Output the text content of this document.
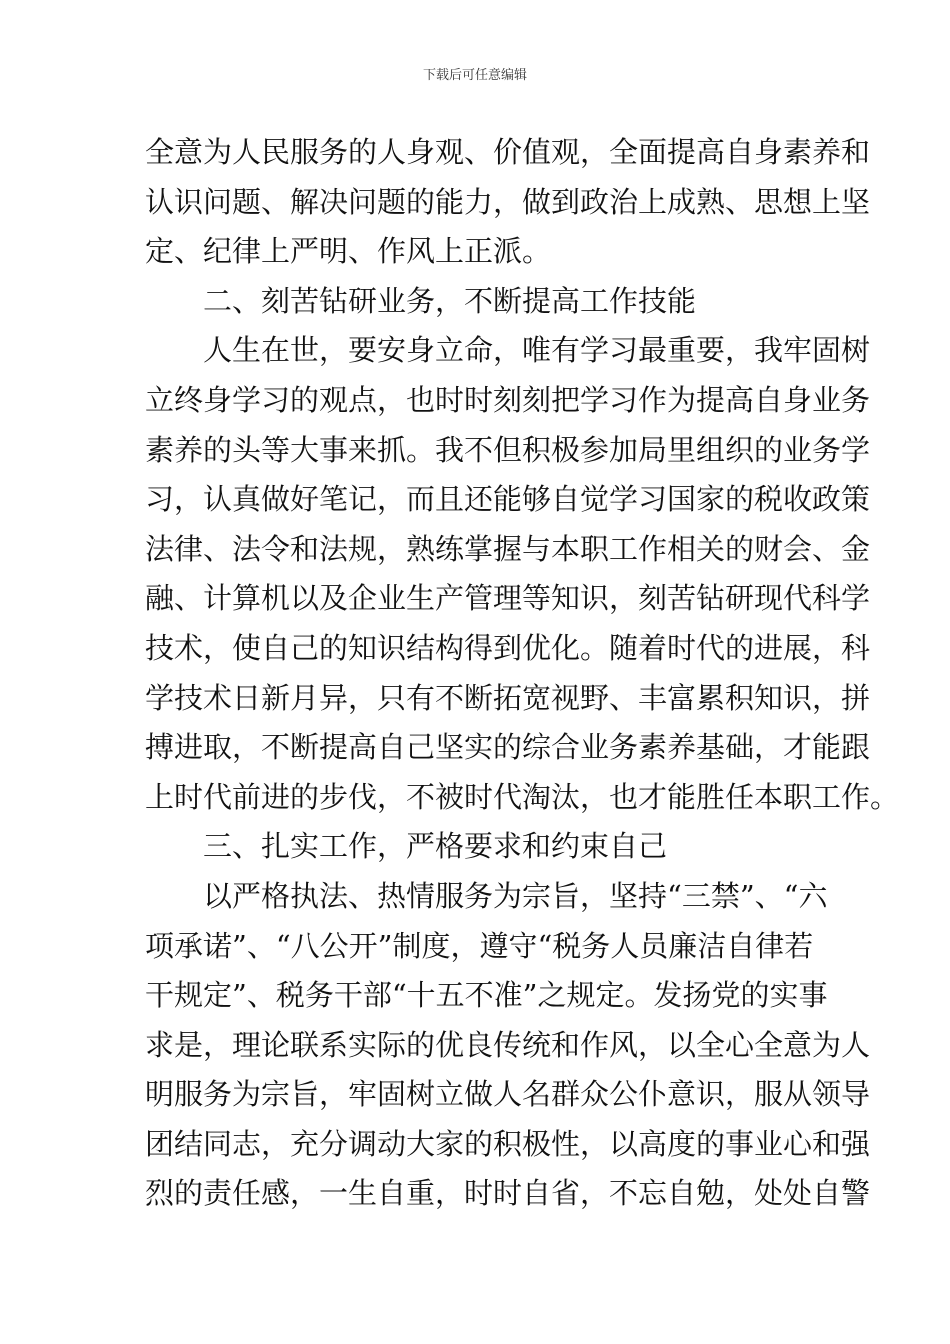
下载后可任意编辑
全意为人民服务的人身观、价值观，全面提高自身素养和
认识问题、解决问题的能力，做到政治上成熟、思想上坚
定、纪律上严明、作风上正派。
二、刻苦钻研业务，不断提高工作技能
人生在世，要安身立命，唯有学习最重要，我牢固树
立终身学习的观点，也时时刻刻把学习作为提高自身业务
素养的头等大事来抓。我不但积极参加局里组织的业务学
习，认真做好笔记，而且还能够自觉学习国家的税收政策
法律、法令和法规，熟练掌握与本职工作相关的财会、金
融、计算机以及企业生产管理等知识，刻苦钻研现代科学
技术，使自己的知识结构得到优化。随着时代的进展，科
学技术日新月异，只有不断拓宽视野、丰富累积知识，拼
搏进取，不断提高自己坚实的综合业务素养基础，才能跟
上时代前进的步伐，不被时代淘汰，也才能胜任本职工作。
三、扎实工作，严格要求和约束自己
以严格执法、热情服务为宗旨，坚持“三禁”、“六
项承诺”、“八公开”制度，遵守“税务人员廉洁自律若
干规定”、税务干部“十五不准”之规定。发扬党的实事
求是，理论联系实际的优良传统和作风，以全心全意为人
明服务为宗旨，牢固树立做人名群众公仆意识，服从领导
团结同志，充分调动大家的积极性，以高度的事业心和强
烈的责任感，一生自重，时时自省，不忘自勉，处处自警
